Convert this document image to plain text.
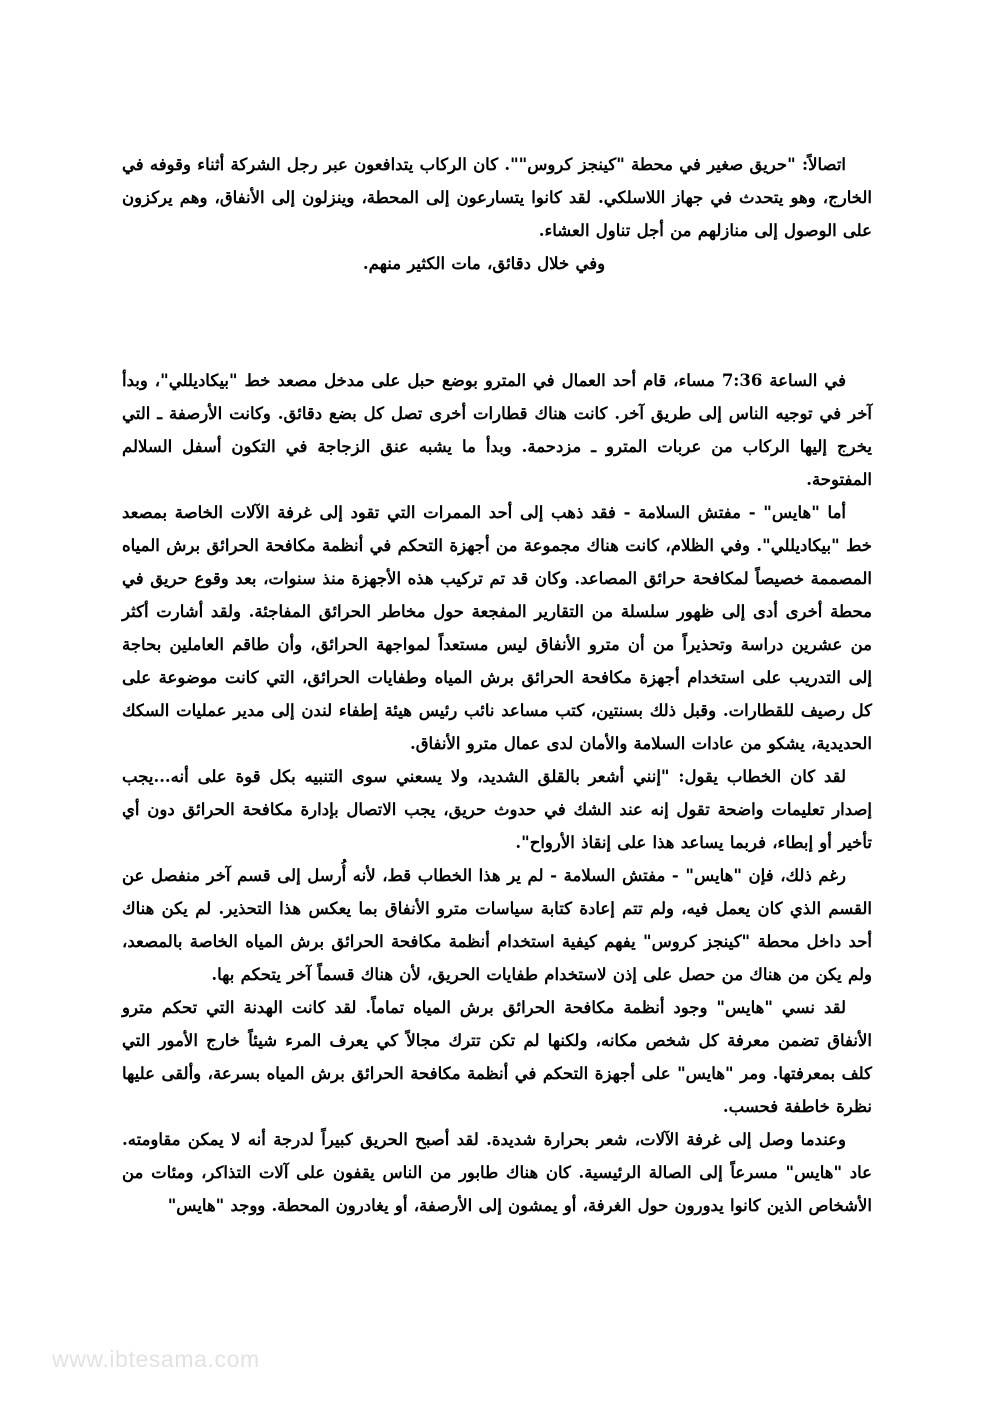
اتصالاً: "حريق صغير في محطة "كينجز كروس"". كان الركاب يتدافعون عبر رجل الشركة أثناء وقوفه في الخارج، وهو يتحدث في جهاز اللاسلكي. لقد كانوا يتسارعون إلى المحطة، وينزلون إلى الأنفاق، وهم يركزون على الوصول إلى منازلهم من أجل تناول العشاء.

وفي خلال دقائق، مات الكثير منهم.

في الساعة 7:36 مساء، قام أحد العمال في المترو بوضع حبل على مدخل مصعد خط "بيكاديللي"، وبدأ آخر في توجيه الناس إلى طريق آخر. كانت هناك قطارات أخرى تصل كل بضع دقائق. وكانت الأرصفة ـ التي يخرج إليها الركاب من عربات المترو ـ مزدحمة. وبدأ ما يشبه عنق الزجاجة في التكون أسفل السلالم المفتوحة.

أما "هايس" - مفتش السلامة - فقد ذهب إلى أحد الممرات التي تقود إلى غرفة الآلات الخاصة بمصعد خط "بيكاديللي". وفي الظلام، كانت هناك مجموعة من أجهزة التحكم في أنظمة مكافحة الحرائق برش المياه المصممة خصيصاً لمكافحة حرائق المصاعد. وكان قد تم تركيب هذه الأجهزة منذ سنوات، بعد وقوع حريق في محطة أخرى أدى إلى ظهور سلسلة من التقارير المفجعة حول مخاطر الحرائق المفاجئة. ولقد أشارت أكثر من عشرين دراسة وتحذيراً من أن مترو الأنفاق ليس مستعداً لمواجهة الحرائق، وأن طاقم العاملين بحاجة إلى التدريب على استخدام أجهزة مكافحة الحرائق برش المياه وطفايات الحرائق، التي كانت موضوعة على كل رصيف للقطارات. وقبل ذلك بسنتين، كتب مساعد نائب رئيس هيئة إطفاء لندن إلى مدير عمليات السكك الحديدية، يشكو من عادات السلامة والأمان لدى عمال مترو الأنفاق.

لقد كان الخطاب يقول: "إنني أشعر بالقلق الشديد، ولا يسعني سوى التنبيه بكل قوة على أنه...يجب إصدار تعليمات واضحة تقول إنه عند الشك في حدوث حريق، يجب الاتصال بإدارة مكافحة الحرائق دون أي تأخير أو إبطاء، فربما يساعد هذا على إنقاذ الأرواح".

رغم ذلك، فإن "هايس" - مفتش السلامة - لم ير هذا الخطاب قط، لأنه أُرسل إلى قسم آخر منفصل عن القسم الذي كان يعمل فيه، ولم تتم إعادة كتابة سياسات مترو الأنفاق بما يعكس هذا التحذير. لم يكن هناك أحد داخل محطة "كينجز كروس" يفهم كيفية استخدام أنظمة مكافحة الحرائق برش المياه الخاصة بالمصعد، ولم يكن من هناك من حصل على إذن لاستخدام طفايات الحريق، لأن هناك قسماً آخر يتحكم بها.

لقد نسي "هايس" وجود أنظمة مكافحة الحرائق برش المياه تماماً. لقد كانت الهدنة التي تحكم مترو الأنفاق تضمن معرفة كل شخص مكانه، ولكنها لم تكن تترك مجالاً كي يعرف المرء شيئاً خارج الأمور التي كلف بمعرفتها. ومر "هايس" على أجهزة التحكم في أنظمة مكافحة الحرائق برش المياه بسرعة، وألقى عليها نظرة خاطفة فحسب.

وعندما وصل إلى غرفة الآلات، شعر بحرارة شديدة. لقد أصبح الحريق كبيراً لدرجة أنه لا يمكن مقاومته. عاد "هايس" مسرعاً إلى الصالة الرئيسية. كان هناك طابور من الناس يقفون على آلات التذاكر، ومئات من الأشخاص الذين كانوا يدورون حول الغرفة، أو يمشون إلى الأرصفة، أو يغادرون المحطة. ووجد "هايس"

www.ibtesama.com
